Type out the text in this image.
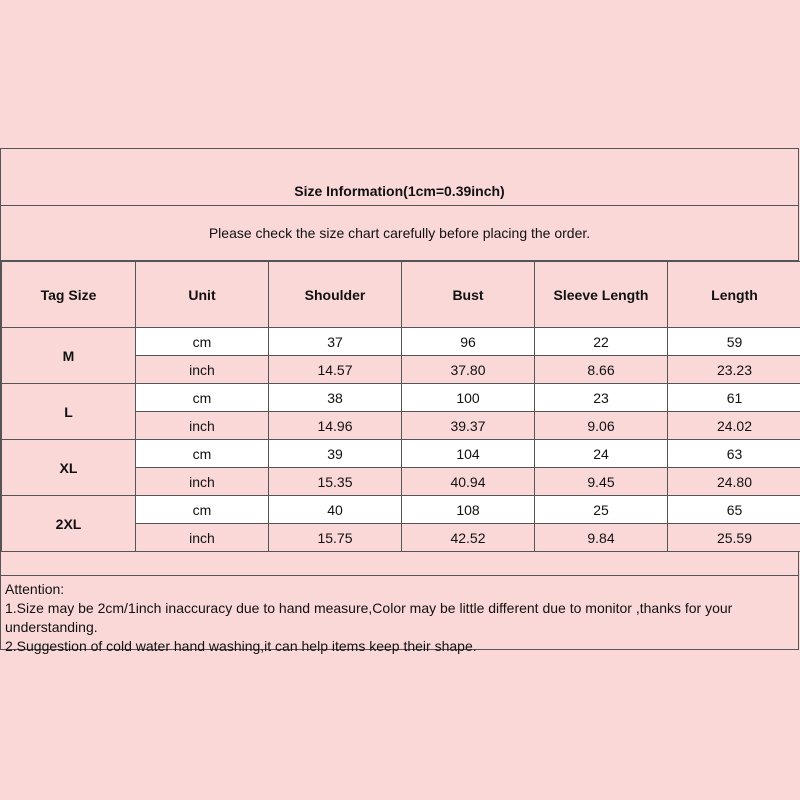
Size Information(1cm=0.39inch)
Please check the size chart carefully before placing the order.
Tag Size	Unit	Shoulder	Bust	Sleeve Length	Length
M	cm	37	96	22	59
	inch	14.57	37.80	8.66	23.23
L	cm	38	100	23	61
	inch	14.96	39.37	9.06	24.02
XL	cm	39	104	24	63
	inch	15.35	40.94	9.45	24.80
2XL	cm	40	108	25	65
	inch	15.75	42.52	9.84	25.59
Attention:
1.Size may be 2cm/1inch inaccuracy due to hand measure,Color may be little different due to monitor ,thanks for your understanding.
2.Suggestion of cold water hand washing,it can help items keep their shape.
